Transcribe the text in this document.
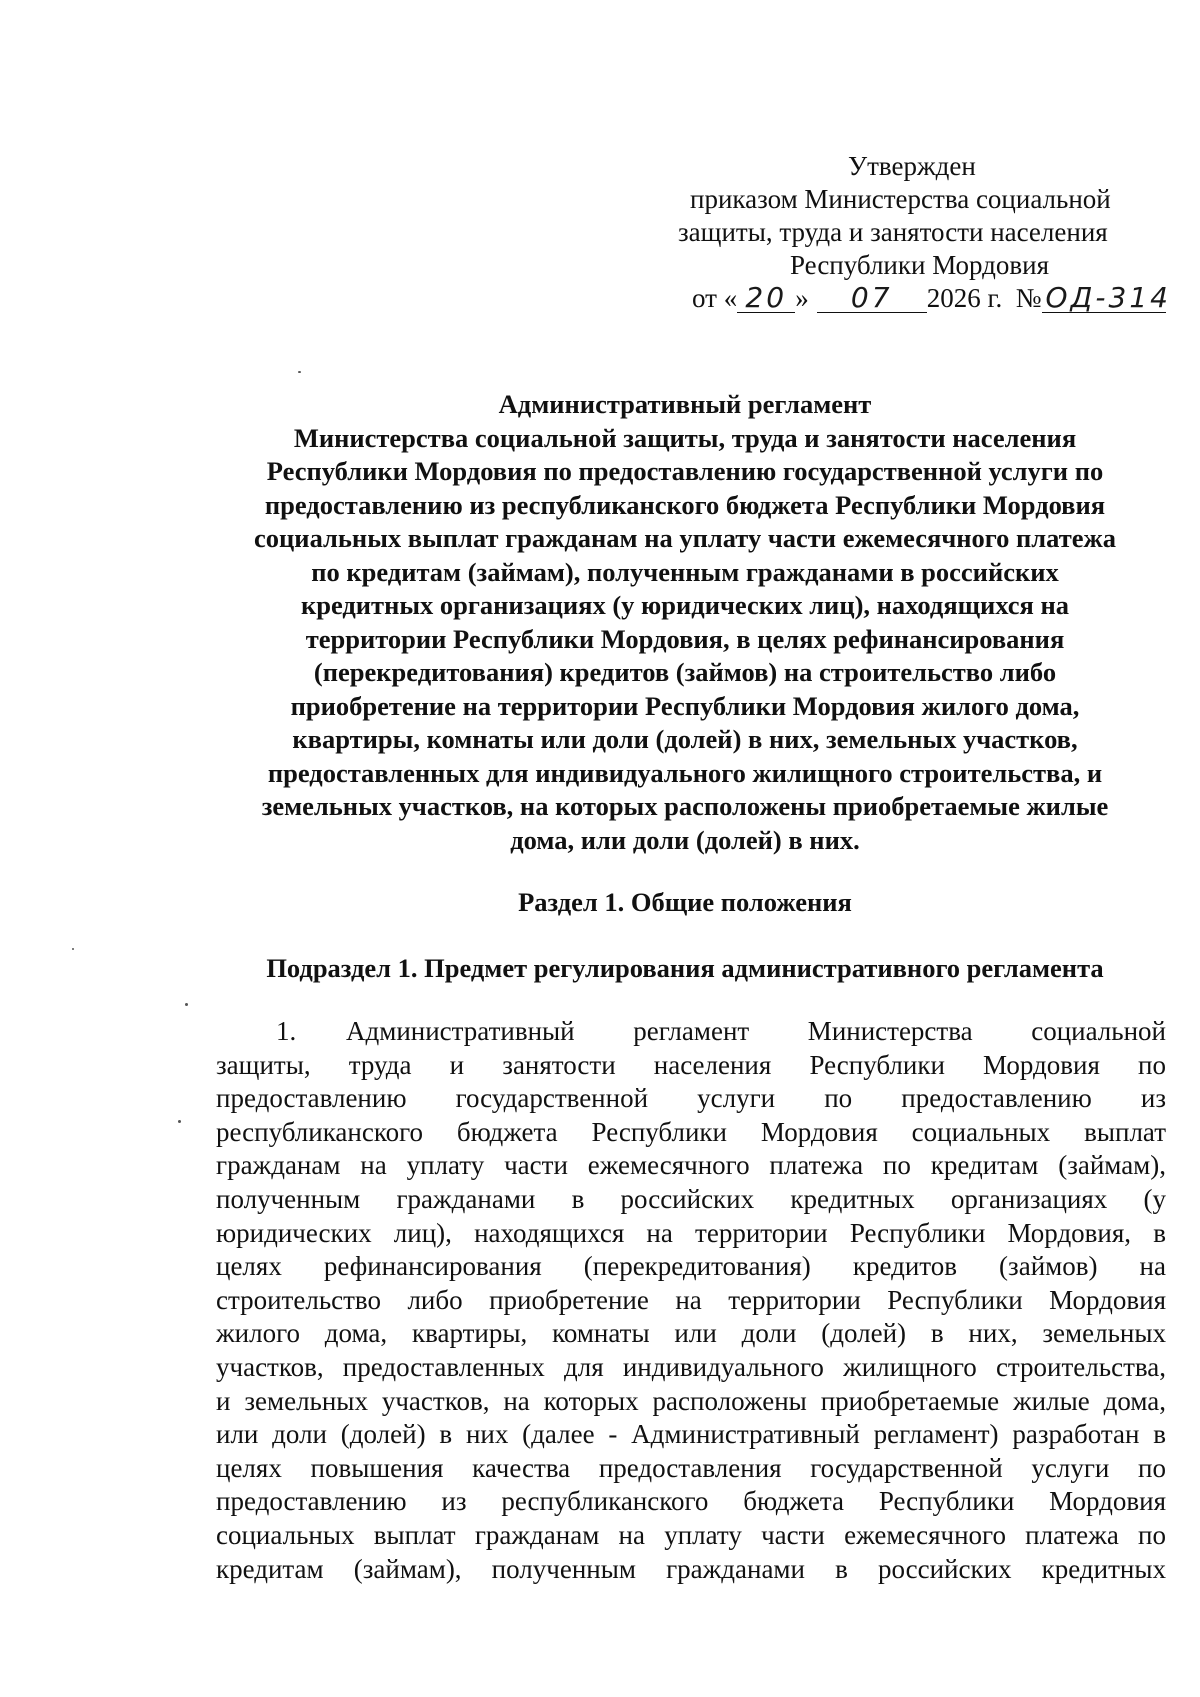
Утвержден
приказом Министерства социальной
защиты, труда и занятости населения
Республики Мордовия
от « 20 » 07 2026 г. № ОД-314
Административный регламент
Министерства социальной защиты, труда и занятости населения
Республики Мордовия по предоставлению государственной услуги по
предоставлению из республиканского бюджета Республики Мордовия
социальных выплат гражданам на уплату части ежемесячного платежа
по кредитам (займам), полученным гражданами в российских
кредитных организациях (у юридических лиц), находящихся на
территории Республики Мордовия, в целях рефинансирования
(перекредитования) кредитов (займов) на строительство либо
приобретение на территории Республики Мордовия жилого дома,
квартиры, комнаты или доли (долей) в них, земельных участков,
предоставленных для индивидуального жилищного строительства, и
земельных участков, на которых расположены приобретаемые жилые
дома, или доли (долей) в них.
Раздел 1. Общие положения
Подраздел 1. Предмет регулирования административного регламента
1. Административный регламент Министерства социальной
защиты, труда и занятости населения Республики Мордовия по
предоставлению государственной услуги по предоставлению из
республиканского бюджета Республики Мордовия социальных выплат
гражданам на уплату части ежемесячного платежа по кредитам (займам),
полученным гражданами в российских кредитных организациях (у
юридических лиц), находящихся на территории Республики Мордовия, в
целях рефинансирования (перекредитования) кредитов (займов) на
строительство либо приобретение на территории Республики Мордовия
жилого дома, квартиры, комнаты или доли (долей) в них, земельных
участков, предоставленных для индивидуального жилищного строительства,
и земельных участков, на которых расположены приобретаемые жилые дома,
или доли (долей) в них (далее - Административный регламент) разработан в
целях повышения качества предоставления государственной услуги по
предоставлению из республиканского бюджета Республики Мордовия
социальных выплат гражданам на уплату части ежемесячного платежа по
кредитам (займам), полученным гражданами в российских кредитных
